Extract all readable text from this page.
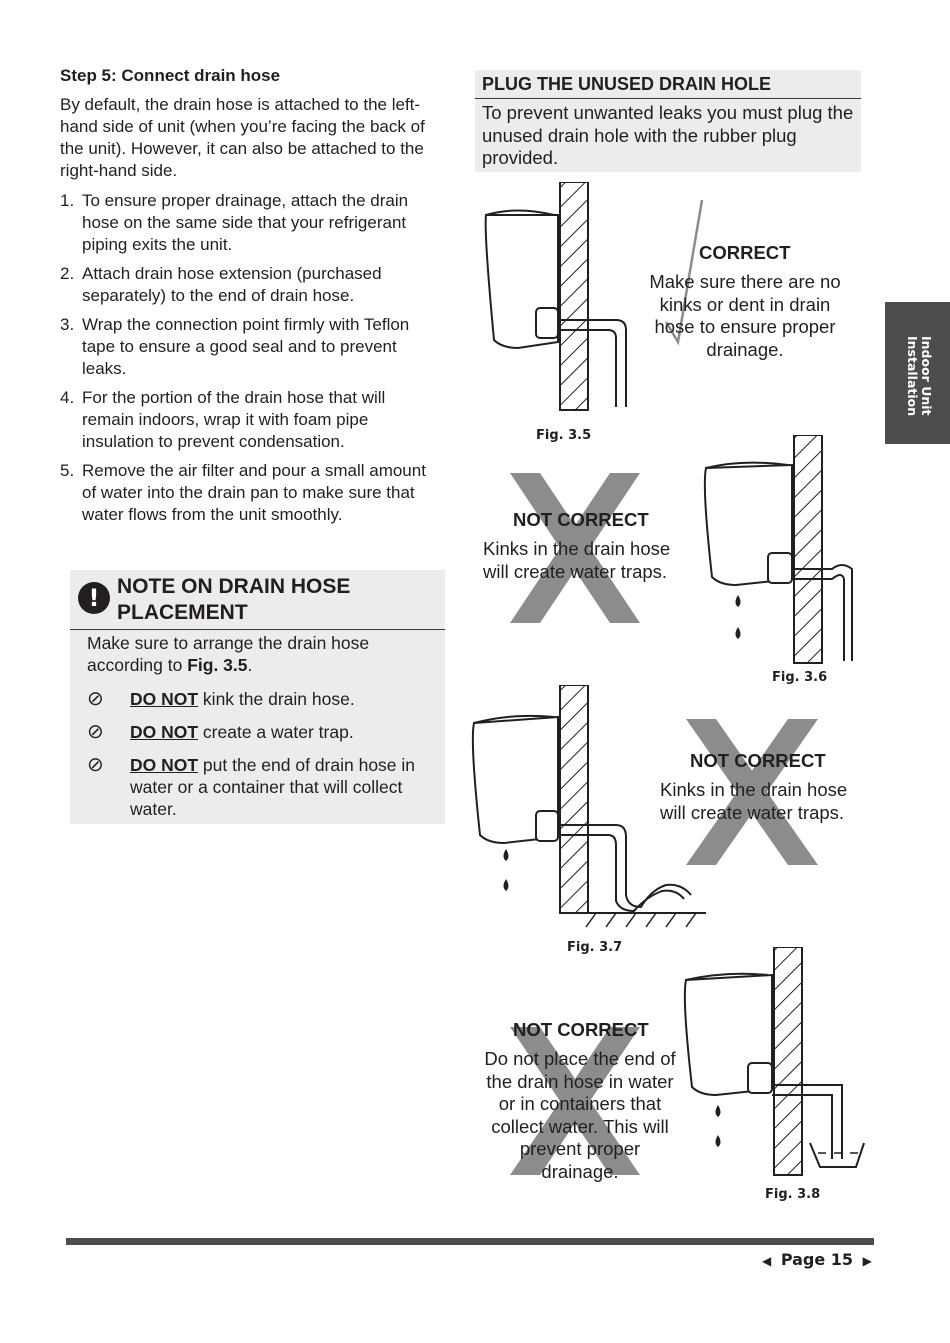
Step 5: Connect drain hose
By default, the drain hose is attached to the left-hand side of unit (when you’re facing the back of the unit). However, it can also be attached to the right-hand side.
1. To ensure proper drainage, attach the drain hose on the same side that your refrigerant piping exits the unit.
2. Attach drain hose extension (purchased separately) to the end of drain hose.
3. Wrap the connection point firmly with Teflon tape to ensure a good seal and to prevent leaks.
4. For the portion of the drain hose that will remain indoors, wrap it with foam pipe insulation to prevent condensation.
5. Remove the air filter and pour a small amount of water into the drain pan to make sure that water flows from the unit smoothly.
! NOTE ON DRAIN HOSE PLACEMENT
Make sure to arrange the drain hose according to Fig. 3.5.
⊘ DO NOT kink the drain hose.
⊘ DO NOT create a water trap.
⊘ DO NOT put the end of drain hose in water or a container that will collect water.
PLUG THE UNUSED DRAIN HOLE
To prevent unwanted leaks you must plug the unused drain hole with the rubber plug provided.
CORRECT
Make sure there are no kinks or dent in drain hose to ensure proper drainage.
Fig. 3.5
NOT CORRECT
Kinks in the drain hose will create water traps.
Fig. 3.6
NOT CORRECT
Kinks in the drain hose will create water traps.
Fig. 3.7
NOT CORRECT
Do not place the end of the drain hose in water or in containers that collect water. This will prevent proper drainage.
Fig. 3.8
Indoor Unit Installation
◀ Page 15 ▶
